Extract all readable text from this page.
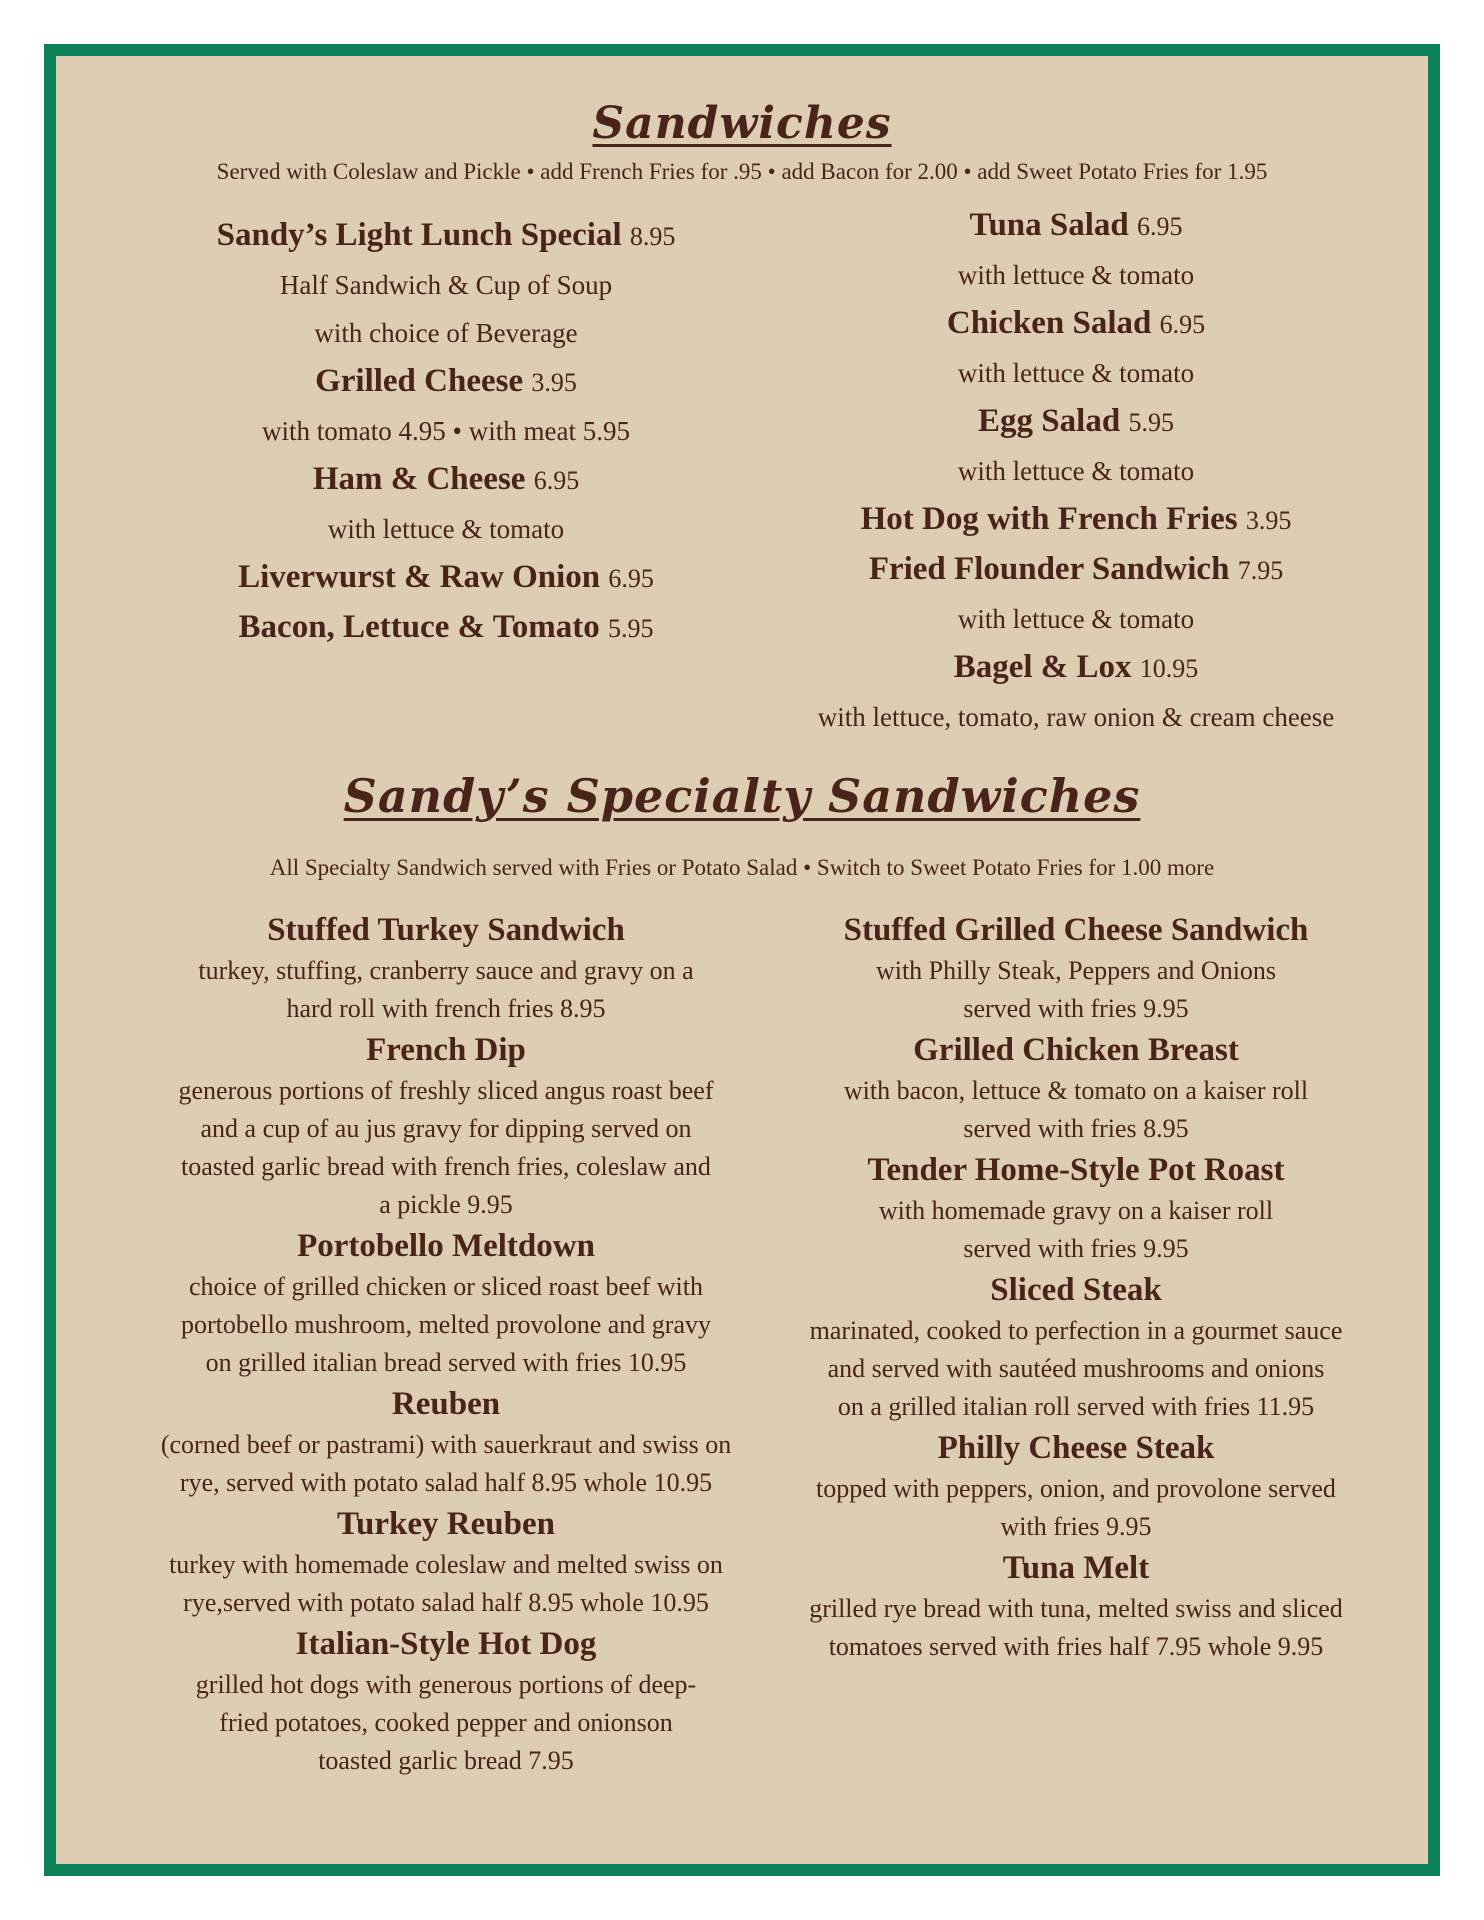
Sandwiches
Served with Coleslaw and Pickle • add French Fries for .95 • add Bacon for 2.00 • add Sweet Potato Fries for 1.95
Sandy’s Light Lunch Special 8.95
Half Sandwich & Cup of Soup
with choice of Beverage
Grilled Cheese 3.95
with tomato 4.95 • with meat 5.95
Ham & Cheese 6.95
with lettuce & tomato
Liverwurst & Raw Onion 6.95
Bacon, Lettuce & Tomato 5.95
Tuna Salad 6.95
with lettuce & tomato
Chicken Salad 6.95
with lettuce & tomato
Egg Salad 5.95
with lettuce & tomato
Hot Dog with French Fries 3.95
Fried Flounder Sandwich 7.95
with lettuce & tomato
Bagel & Lox 10.95
with lettuce, tomato, raw onion & cream cheese
Sandy’s Specialty Sandwiches
All Specialty Sandwich served with Fries or Potato Salad • Switch to Sweet Potato Fries for 1.00 more
Stuffed Turkey Sandwich
turkey, stuffing, cranberry sauce and gravy on a
hard roll with french fries 8.95
French Dip
generous portions of freshly sliced angus roast beef
and a cup of au jus gravy for dipping served on
toasted garlic bread with french fries, coleslaw and
a pickle 9.95
Portobello Meltdown
choice of grilled chicken or sliced roast beef with
portobello mushroom, melted provolone and gravy
on grilled italian bread served with fries 10.95
Reuben
(corned beef or pastrami) with sauerkraut and swiss on
rye, served with potato salad half 8.95 whole 10.95
Turkey Reuben
turkey with homemade coleslaw and melted swiss on
rye,served with potato salad half 8.95 whole 10.95
Italian-Style Hot Dog
grilled hot dogs with generous portions of deep-
fried potatoes, cooked pepper and onionson
toasted garlic bread 7.95
Stuffed Grilled Cheese Sandwich
with Philly Steak, Peppers and Onions
served with fries 9.95
Grilled Chicken Breast
with bacon, lettuce & tomato on a kaiser roll
served with fries 8.95
Tender Home-Style Pot Roast
with homemade gravy on a kaiser roll
served with fries 9.95
Sliced Steak
marinated, cooked to perfection in a gourmet sauce
and served with sautéed mushrooms and onions
on a grilled italian roll served with fries 11.95
Philly Cheese Steak
topped with peppers, onion, and provolone served
with fries 9.95
Tuna Melt
grilled rye bread with tuna, melted swiss and sliced
tomatoes served with fries half 7.95 whole 9.95
